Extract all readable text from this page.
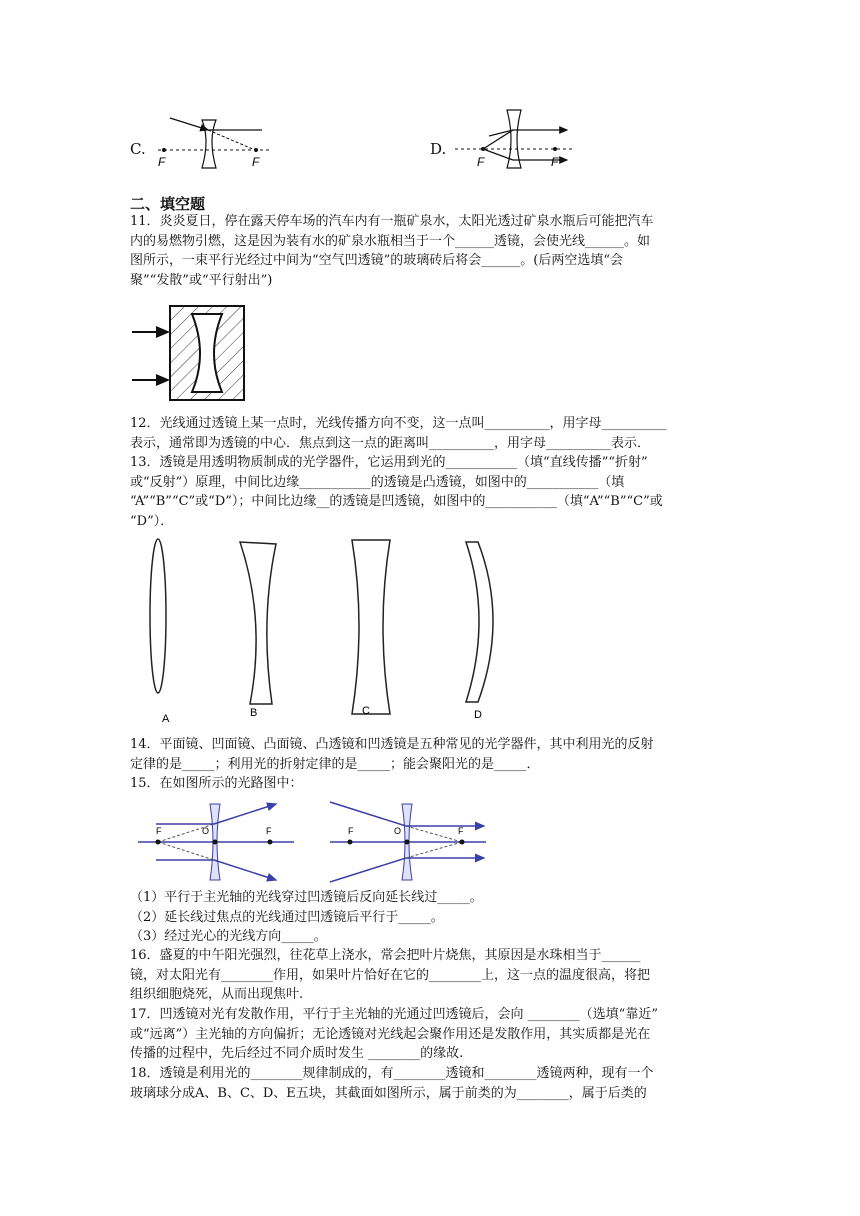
C.
F	F
D.
F	F
二、填空题
11．炎炎夏日，停在露天停车场的汽车内有一瓶矿泉水，太阳光透过矿泉水瓶后可能把汽车
内的易燃物引燃，这是因为装有水的矿泉水瓶相当于一个______透镜，会使光线______。如
图所示，一束平行光经过中间为“空气凹透镜”的玻璃砖后将会______。(后两空选填“会
聚”“发散”或“平行射出”)
12．光线通过透镜上某一点时，光线传播方向不变，这一点叫__________，用字母__________
表示，通常即为透镜的中心．焦点到这一点的距离叫__________，用字母__________表示．
13．透镜是用透明物质制成的光学器件，它运用到光的___________（填“直线传播”“折射”
或“反射”）原理，中间比边缘___________的透镜是凸透镜，如图中的___________（填
“A”“B”“C”或“D”）；中间比边缘__的透镜是凹透镜，如图中的___________（填“A”“B”“C”或
“D”）．
A	B	C	D
14．平面镜、凹面镜、凸面镜、凸透镜和凹透镜是五种常见的光学器件，其中利用光的反射
定律的是_____；利用光的折射定律的是_____；能会聚阳光的是_____．
15．在如图所示的光路图中：
F	O	F	F	O	F
（1）平行于主光轴的光线穿过凹透镜后反向延长线过_____。
（2）延长线过焦点的光线通过凹透镜后平行于_____。
（3）经过光心的光线方向_____。
16．盛夏的中午阳光强烈，往花草上浇水，常会把叶片烧焦，其原因是水珠相当于______
镜，对太阳光有________作用，如果叶片恰好在它的________上，这一点的温度很高，将把
组织细胞烧死，从而出现焦叶.
17．凹透镜对光有发散作用，平行于主光轴的光通过凹透镜后，会向 ________（选填“靠近”
或“远离”）主光轴的方向偏折；无论透镜对光线起会聚作用还是发散作用，其实质都是光在
传播的过程中，先后经过不同介质时发生 ________的缘故.
18．透镜是利用光的________规律制成的，有________透镜和________透镜两种，现有一个
玻璃球分成A、B、C、D、E五块，其截面如图所示，属于前类的为________，属于后类的
